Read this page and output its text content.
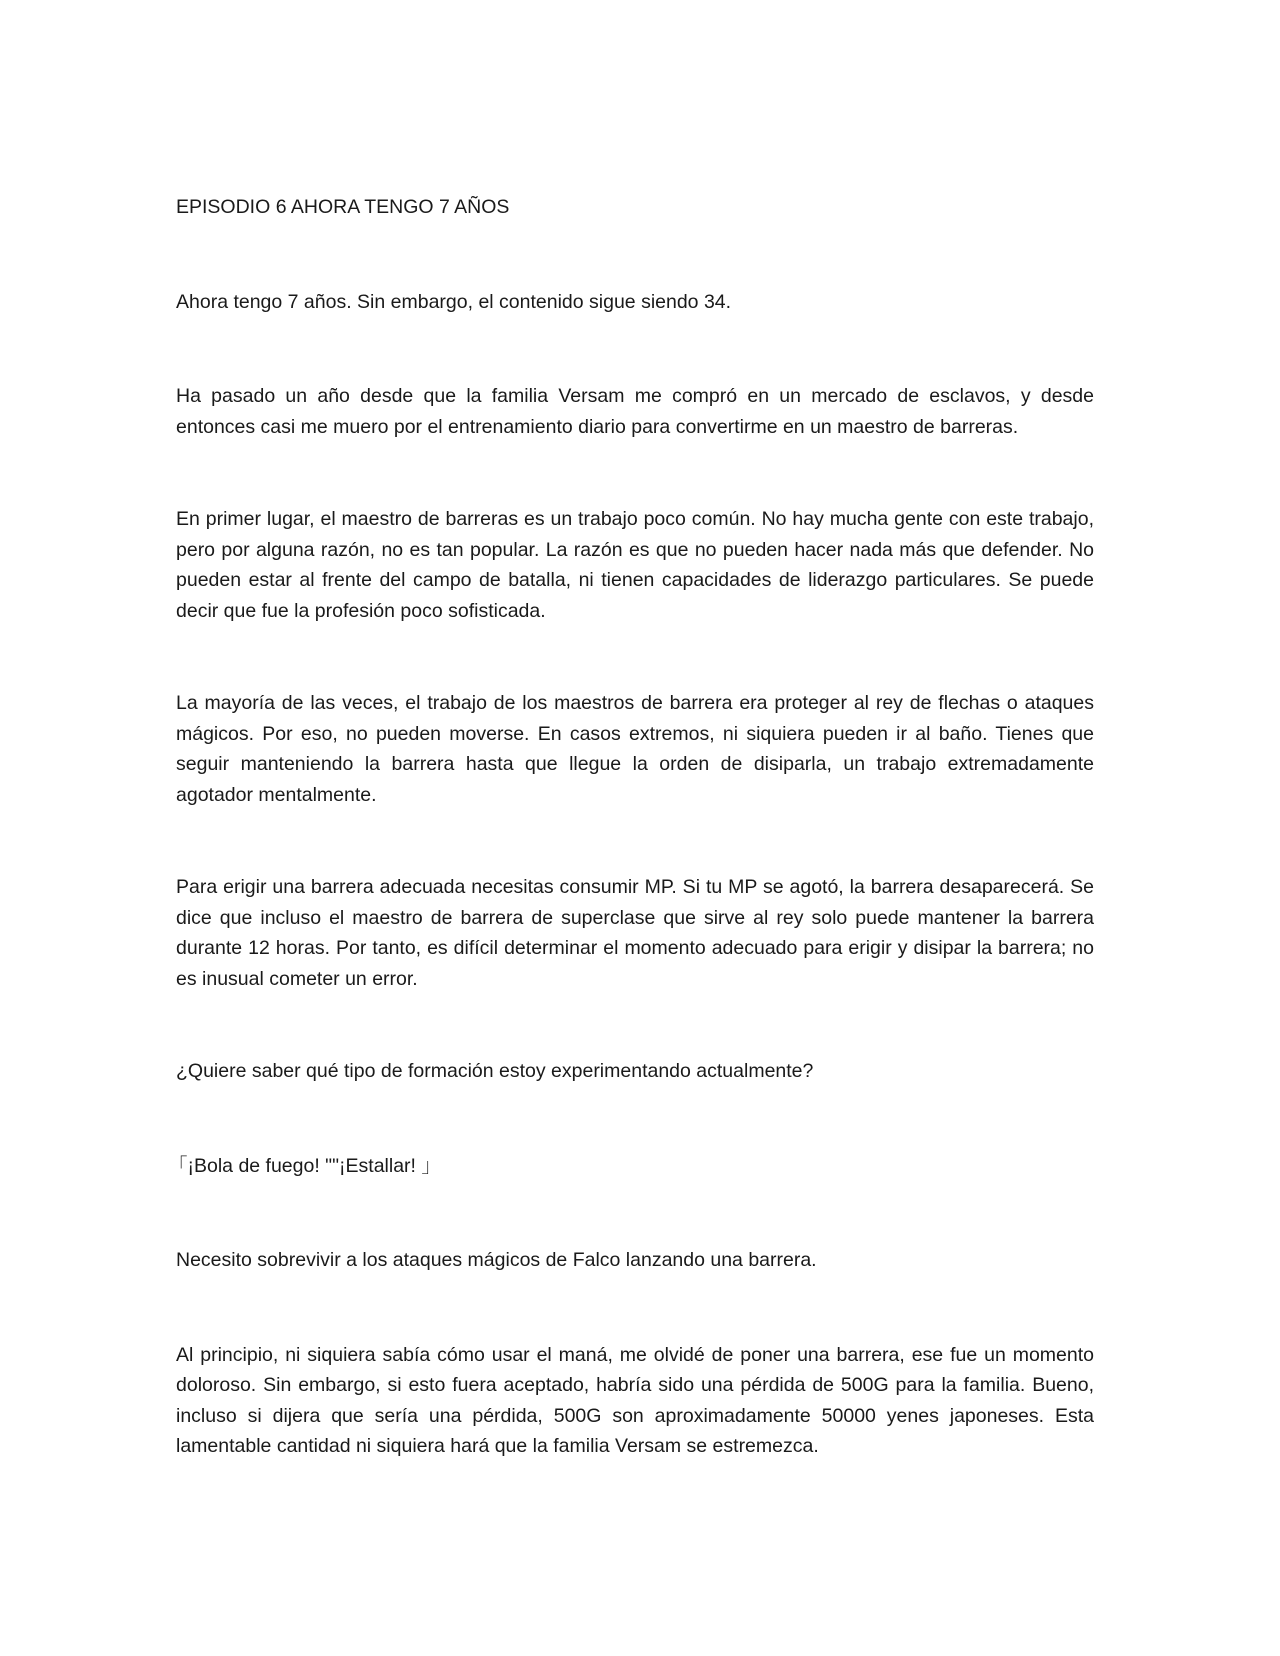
EPISODIO 6 AHORA TENGO 7 AÑOS

Ahora tengo 7 años. Sin embargo, el contenido sigue siendo 34.

Ha pasado un año desde que la familia Versam me compró en un mercado de esclavos, y desde entonces casi me muero por el entrenamiento diario para convertirme en un maestro de barreras.

En primer lugar, el maestro de barreras es un trabajo poco común. No hay mucha gente con este trabajo, pero por alguna razón, no es tan popular. La razón es que no pueden hacer nada más que defender. No pueden estar al frente del campo de batalla, ni tienen capacidades de liderazgo particulares. Se puede decir que fue la profesión poco sofisticada.

La mayoría de las veces, el trabajo de los maestros de barrera era proteger al rey de flechas o ataques mágicos. Por eso, no pueden moverse. En casos extremos, ni siquiera pueden ir al baño. Tienes que seguir manteniendo la barrera hasta que llegue la orden de disiparla, un trabajo extremadamente agotador mentalmente.

Para erigir una barrera adecuada necesitas consumir MP. Si tu MP se agotó, la barrera desaparecerá. Se dice que incluso el maestro de barrera de superclase que sirve al rey solo puede mantener la barrera durante 12 horas. Por tanto, es difícil determinar el momento adecuado para erigir y disipar la barrera; no es inusual cometer un error.

¿Quiere saber qué tipo de formación estoy experimentando actualmente?

「¡Bola de fuego! ""¡Estallar! 」

Necesito sobrevivir a los ataques mágicos de Falco lanzando una barrera.

Al principio, ni siquiera sabía cómo usar el maná, me olvidé de poner una barrera, ese fue un momento doloroso. Sin embargo, si esto fuera aceptado, habría sido una pérdida de 500G para la familia. Bueno, incluso si dijera que sería una pérdida, 500G son aproximadamente 50000 yenes japoneses. Esta lamentable cantidad ni siquiera hará que la familia Versam se estremezca.
